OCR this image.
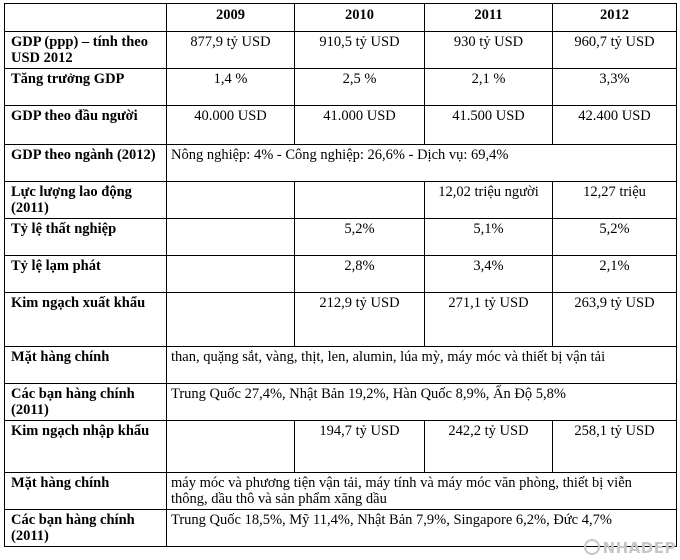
	2009	2010	2011	2012
GDP (ppp) – tính theo USD 2012	877,9 tỷ USD	910,5 tỷ USD	930 tỷ USD	960,7 tỷ USD
Tăng trưởng GDP	1,4 %	2,5 %	2,1 %	3,3%
GDP theo đầu người	40.000 USD	41.000 USD	41.500 USD	42.400 USD
GDP theo ngành (2012)	Nông nghiệp: 4% - Công nghiệp: 26,6% - Dịch vụ: 69,4%			
Lực lượng lao động (2011)			12,02 triệu người	12,27 triệu
Tỷ lệ thất nghiệp		5,2%	5,1%	5,2%
Tỷ lệ lạm phát		2,8%	3,4%	2,1%
Kim ngạch xuất khẩu		212,9 tỷ USD	271,1 tỷ USD	263,9 tỷ USD
Mặt hàng chính	than, quặng sắt, vàng, thịt, len, alumin, lúa mỳ, máy móc và thiết bị vận tải			
Các bạn hàng chính (2011)	Trung Quốc 27,4%, Nhật Bản 19,2%, Hàn Quốc 8,9%, Ấn Độ 5,8%			
Kim ngạch nhập khẩu		194,7 tỷ USD	242,2 tỷ USD	258,1 tỷ USD
Mặt hàng chính	máy móc và phương tiện vận tải, máy tính và máy móc văn phòng, thiết bị viễn thông, dầu thô và sản phẩm xăng dầu			
Các bạn hàng chính (2011)	Trung Quốc 18,5%, Mỹ 11,4%, Nhật Bản 7,9%, Singapore 6,2%, Đức 4,7%			
NHADEP
